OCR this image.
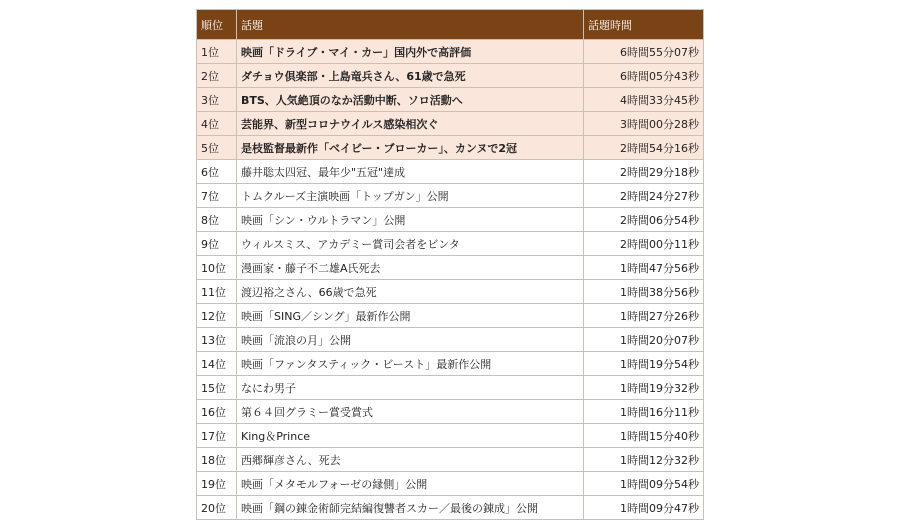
順位	話題	話題時間
1位	映画「ドライブ・マイ・カー」国内外で高評価	6時間55分07秒
2位	ダチョウ倶楽部・上島竜兵さん、61歳で急死	6時間05分43秒
3位	BTS、人気絶頂のなか活動中断、ソロ活動へ	4時間33分45秒
4位	芸能界、新型コロナウイルス感染相次ぐ	3時間00分28秒
5位	是枝監督最新作「ベイビー・ブローカー」、カンヌで2冠	2時間54分16秒
6位	藤井聡太四冠、最年少"五冠"達成	2時間29分18秒
7位	トムクルーズ主演映画「トップガン」公開	2時間24分27秒
8位	映画「シン・ウルトラマン」公開	2時間06分54秒
9位	ウィルスミス、アカデミー賞司会者をビンタ	2時間00分11秒
10位	漫画家・藤子不二雄A氏死去	1時間47分56秒
11位	渡辺裕之さん、66歳で急死	1時間38分56秒
12位	映画「SING／シング」最新作公開	1時間27分26秒
13位	映画「流浪の月」公開	1時間20分07秒
14位	映画「ファンタスティック・ビースト」最新作公開	1時間19分54秒
15位	なにわ男子	1時間19分32秒
16位	第６４回グラミー賞受賞式	1時間16分11秒
17位	King＆Prince	1時間15分40秒
18位	西郷輝彦さん、死去	1時間12分32秒
19位	映画「メタモルフォーゼの縁側」公開	1時間09分54秒
20位	映画「鋼の錬金術師完結編復讐者スカー／最後の錬成」公開	1時間09分47秒
